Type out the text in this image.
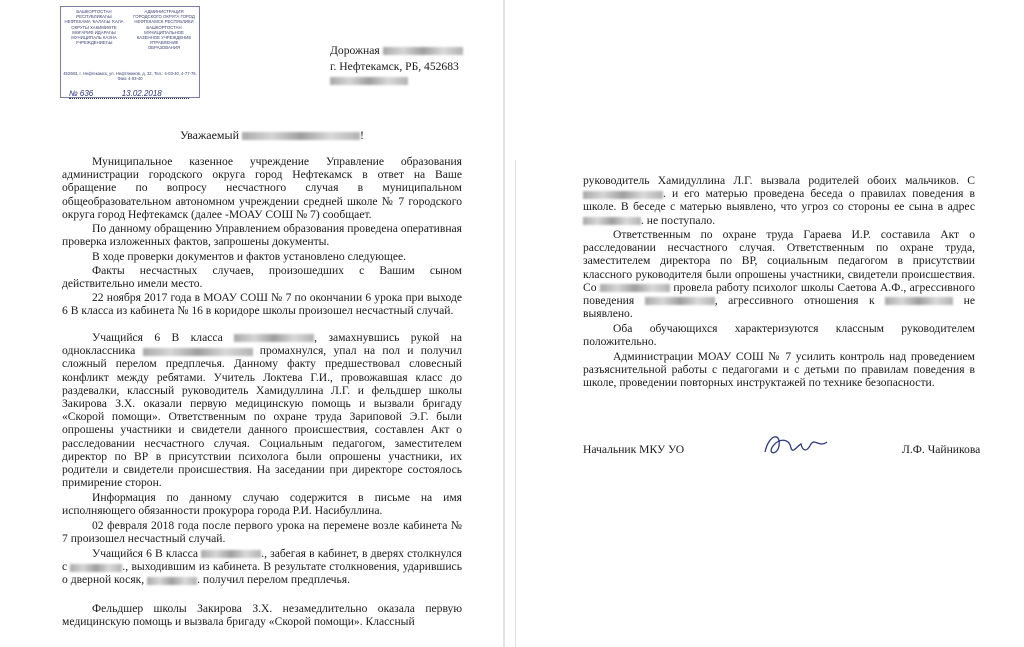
БАШКОРТОСТАН РЕСПУБЛИКАҺЫ НЕФТЕКАМА ҠАЛАҺЫ ҠАЛА ОКРУГЫ ХАКИМИӘТЕ МӘҒАРИФ ИДАРАҺЫ МУНИЦИПАЛЬ КАЗНА УЧРЕЖДЕНИЕҺЫ
АДМИНИСТРАЦИЯ ГОРОДСКОГО ОКРУГА ГОРОД НЕФТЕКАМСК РЕСПУБЛИКИ БАШКОРТОСТАН МУНИЦИПАЛЬНОЕ КАЗЕННОЕ УЧРЕЖДЕНИЕ УПРАВЛЕНИЕ ОБРАЗОВАНИЯ
452683, г. Нефтекамск, ул. Нефтяников, д. 32, Тел.: 4-03-40, 4-77-76, Факс 4-03-40
№ 636	13.02.2018
Дорожная
г. Нефтекамск, РБ, 452683
Уважаемый	!
Муниципальное казенное учреждение Управление образования администрации городского округа город Нефтекамск в ответ на Ваше обращение по вопросу несчастного случая в муниципальном общеобразовательном автономном учреждении средней школе № 7 городского округа город Нефтекамск (далее -МОАУ СОШ № 7) сообщает.
По данному обращению Управлением образования проведена оперативная проверка изложенных фактов, запрошены документы.
В ходе проверки документов и фактов установлено следующее.
Факты несчастных случаев, произошедших с Вашим сыном действительно имели место.
22 ноября 2017 года в МОАУ СОШ № 7 по окончании 6 урока при выходе 6 В класса из кабинета № 16 в коридоре школы произошел несчастный случай.
Учащийся 6 В класса	, замахнувшись рукой на одноклассника	промахнулся, упал на пол и получил сложный перелом предплечья. Данному факту предшествовал словесный конфликт между ребятами. Учитель Локтева Г.И., провожавшая класс до раздевалки, классный руководитель Хамидуллина Л.Г. и фельдшер школы Закирова З.Х. оказали первую медицинскую помощь и вызвали бригаду «Скорой помощи». Ответственным по охране труда Зариповой Э.Г. были опрошены участники и свидетели данного происшествия, составлен Акт о расследовании несчастного случая. Социальным педагогом, заместителем директор по ВР в присутствии психолога были опрошены участники, их родители и свидетели происшествия. На заседании при директоре состоялось примирение сторон.
Информация по данному случаю содержится в письме на имя исполняющего обязанности прокурора города Р.И. Насибуллина.
02 февраля 2018 года после первого урока на перемене возле кабинета № 7 произошел несчастный случай.
Учащийся 6 В класса	., забегая в кабинет, в дверях столкнулся с	., выходившим из кабинета. В результате столкновения, ударившись о дверной косяк,	. получил перелом предплечья.
Фельдшер школы Закирова З.Х. незамедлительно оказала первую медицинскую помощь и вызвала бригаду «Скорой помощи». Классный
руководитель Хамидуллина Л.Г. вызвала родителей обоих мальчиков. С . и его матерью проведена беседа о правилах поведения в школе. В беседе с матерью выявлено, что угроз со стороны ее сына в адрес . не поступало.
Ответственным по охране труда Гараева И.Р. составила Акт о расследовании несчастного случая. Ответственным по охране труда, заместителем директора по ВР, социальным педагогом в присутствии классного руководителя были опрошены участники, свидетели происшествия. Со	провела работу психолог школы Саетова А.Ф., агрессивного поведения	, агрессивного отношения к	не выявлено.
Оба обучающихся характеризуются классным руководителем положительно.
Администрации МОАУ СОШ № 7 усилить контроль над проведением разъяснительной работы с педагогами и с детьми по правилам поведения в школе, проведении повторных инструктажей по технике безопасности.
Начальник МКУ УО	Л.Ф. Чайникова
